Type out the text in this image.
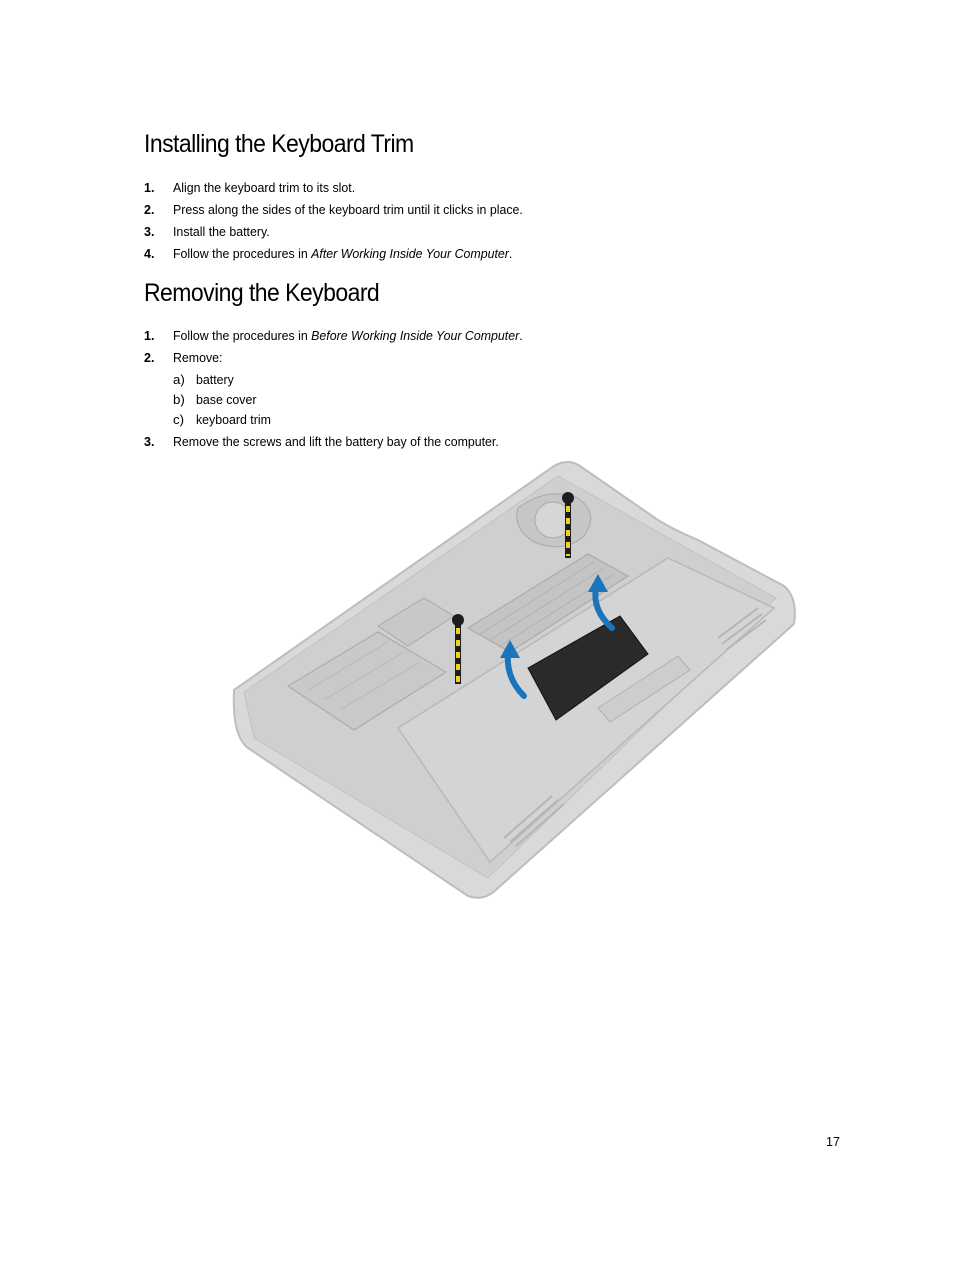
Installing the Keyboard Trim
1. Align the keyboard trim to its slot.
2. Press along the sides of the keyboard trim until it clicks in place.
3. Install the battery.
4. Follow the procedures in After Working Inside Your Computer.
Removing the Keyboard
1. Follow the procedures in Before Working Inside Your Computer.
2. Remove:
a) battery
b) base cover
c) keyboard trim
3. Remove the screws and lift the battery bay of the computer.
17
